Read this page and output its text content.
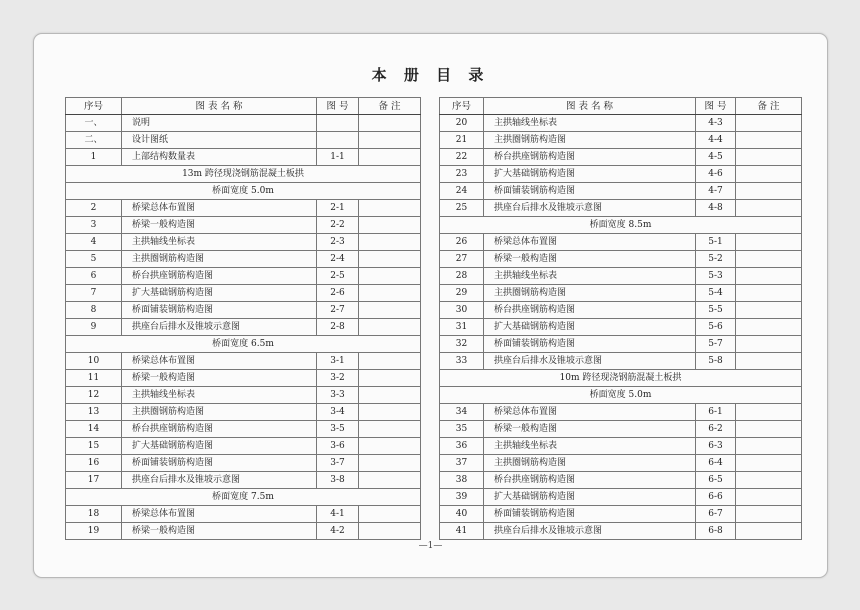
本 册 目 录
序号	图 表 名 称	图 号	备 注
一、	说明		
二、	设计图纸		
1	上部结构数量表	1-1	
13m 跨径现浇钢筋混凝土板拱			
桥面宽度 5.0m			
2	桥梁总体布置图	2-1	
3	桥梁一般构造图	2-2	
4	主拱轴线坐标表	2-3	
5	主拱圈钢筋构造图	2-4	
6	桥台拱座钢筋构造图	2-5	
7	扩大基础钢筋构造图	2-6	
8	桥面铺装钢筋构造图	2-7	
9	拱座台后排水及锥坡示意图	2-8	
桥面宽度 6.5m			
10	桥梁总体布置图	3-1	
11	桥梁一般构造图	3-2	
12	主拱轴线坐标表	3-3	
13	主拱圈钢筋构造图	3-4	
14	桥台拱座钢筋构造图	3-5	
15	扩大基础钢筋构造图	3-6	
16	桥面铺装钢筋构造图	3-7	
17	拱座台后排水及锥坡示意图	3-8	
桥面宽度 7.5m			
18	桥梁总体布置图	4-1	
19	桥梁一般构造图	4-2	
序号	图 表 名 称	图 号	备 注
20	主拱轴线坐标表	4-3	
21	主拱圈钢筋构造图	4-4	
22	桥台拱座钢筋构造图	4-5	
23	扩大基础钢筋构造图	4-6	
24	桥面铺装钢筋构造图	4-7	
25	拱座台后排水及锥坡示意图	4-8	
桥面宽度 8.5m			
26	桥梁总体布置图	5-1	
27	桥梁一般构造图	5-2	
28	主拱轴线坐标表	5-3	
29	主拱圈钢筋构造图	5-4	
30	桥台拱座钢筋构造图	5-5	
31	扩大基础钢筋构造图	5-6	
32	桥面铺装钢筋构造图	5-7	
33	拱座台后排水及锥坡示意图	5-8	
10m 跨径现浇钢筋混凝土板拱			
桥面宽度 5.0m			
34	桥梁总体布置图	6-1	
35	桥梁一般构造图	6-2	
36	主拱轴线坐标表	6-3	
37	主拱圈钢筋构造图	6-4	
38	桥台拱座钢筋构造图	6-5	
39	扩大基础钢筋构造图	6-6	
40	桥面铺装钢筋构造图	6-7	
41	拱座台后排水及锥坡示意图	6-8	
—1—
